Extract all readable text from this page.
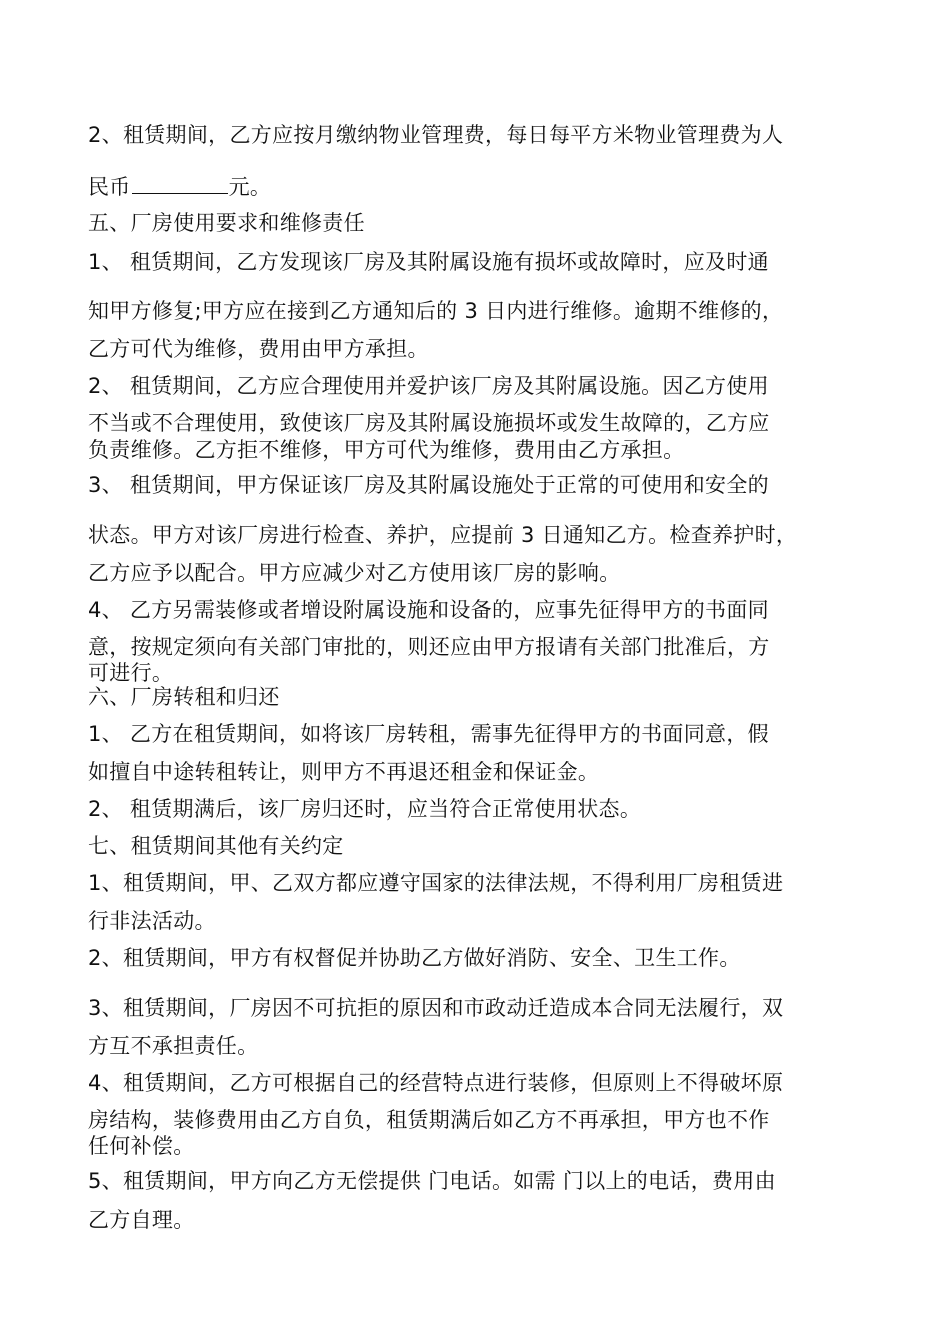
2、租赁期间，乙方应按月缴纳物业管理费，每日每平方米物业管理费为人
民币	元。
五、厂房使用要求和维修责任
1、 租赁期间，乙方发现该厂房及其附属设施有损坏或故障时，应及时通
知甲方修复;甲方应在接到乙方通知后的 3 日内进行维修。逾期不维修的，
乙方可代为维修，费用由甲方承担。
2、 租赁期间，乙方应合理使用并爱护该厂房及其附属设施。因乙方使用
不当或不合理使用，致使该厂房及其附属设施损坏或发生故障的，乙方应
负责维修。乙方拒不维修，甲方可代为维修，费用由乙方承担。
3、 租赁期间，甲方保证该厂房及其附属设施处于正常的可使用和安全的
状态。甲方对该厂房进行检查、养护，应提前 3 日通知乙方。检查养护时，
乙方应予以配合。甲方应减少对乙方使用该厂房的影响。
4、 乙方另需装修或者增设附属设施和设备的，应事先征得甲方的书面同
意，按规定须向有关部门审批的，则还应由甲方报请有关部门批准后，方
可进行。
六、厂房转租和归还
1、 乙方在租赁期间，如将该厂房转租，需事先征得甲方的书面同意，假
如擅自中途转租转让，则甲方不再退还租金和保证金。
2、 租赁期满后，该厂房归还时，应当符合正常使用状态。
七、租赁期间其他有关约定
1、租赁期间，甲、乙双方都应遵守国家的法律法规，不得利用厂房租赁进
行非法活动。
2、租赁期间，甲方有权督促并协助乙方做好消防、安全、卫生工作。
3、租赁期间，厂房因不可抗拒的原因和市政动迁造成本合同无法履行，双
方互不承担责任。
4、租赁期间，乙方可根据自己的经营特点进行装修，但原则上不得破坏原
房结构，装修费用由乙方自负，租赁期满后如乙方不再承担，甲方也不作
任何补偿。
5、租赁期间，甲方向乙方无偿提供 门电话。如需 门以上的电话，费用由
乙方自理。
